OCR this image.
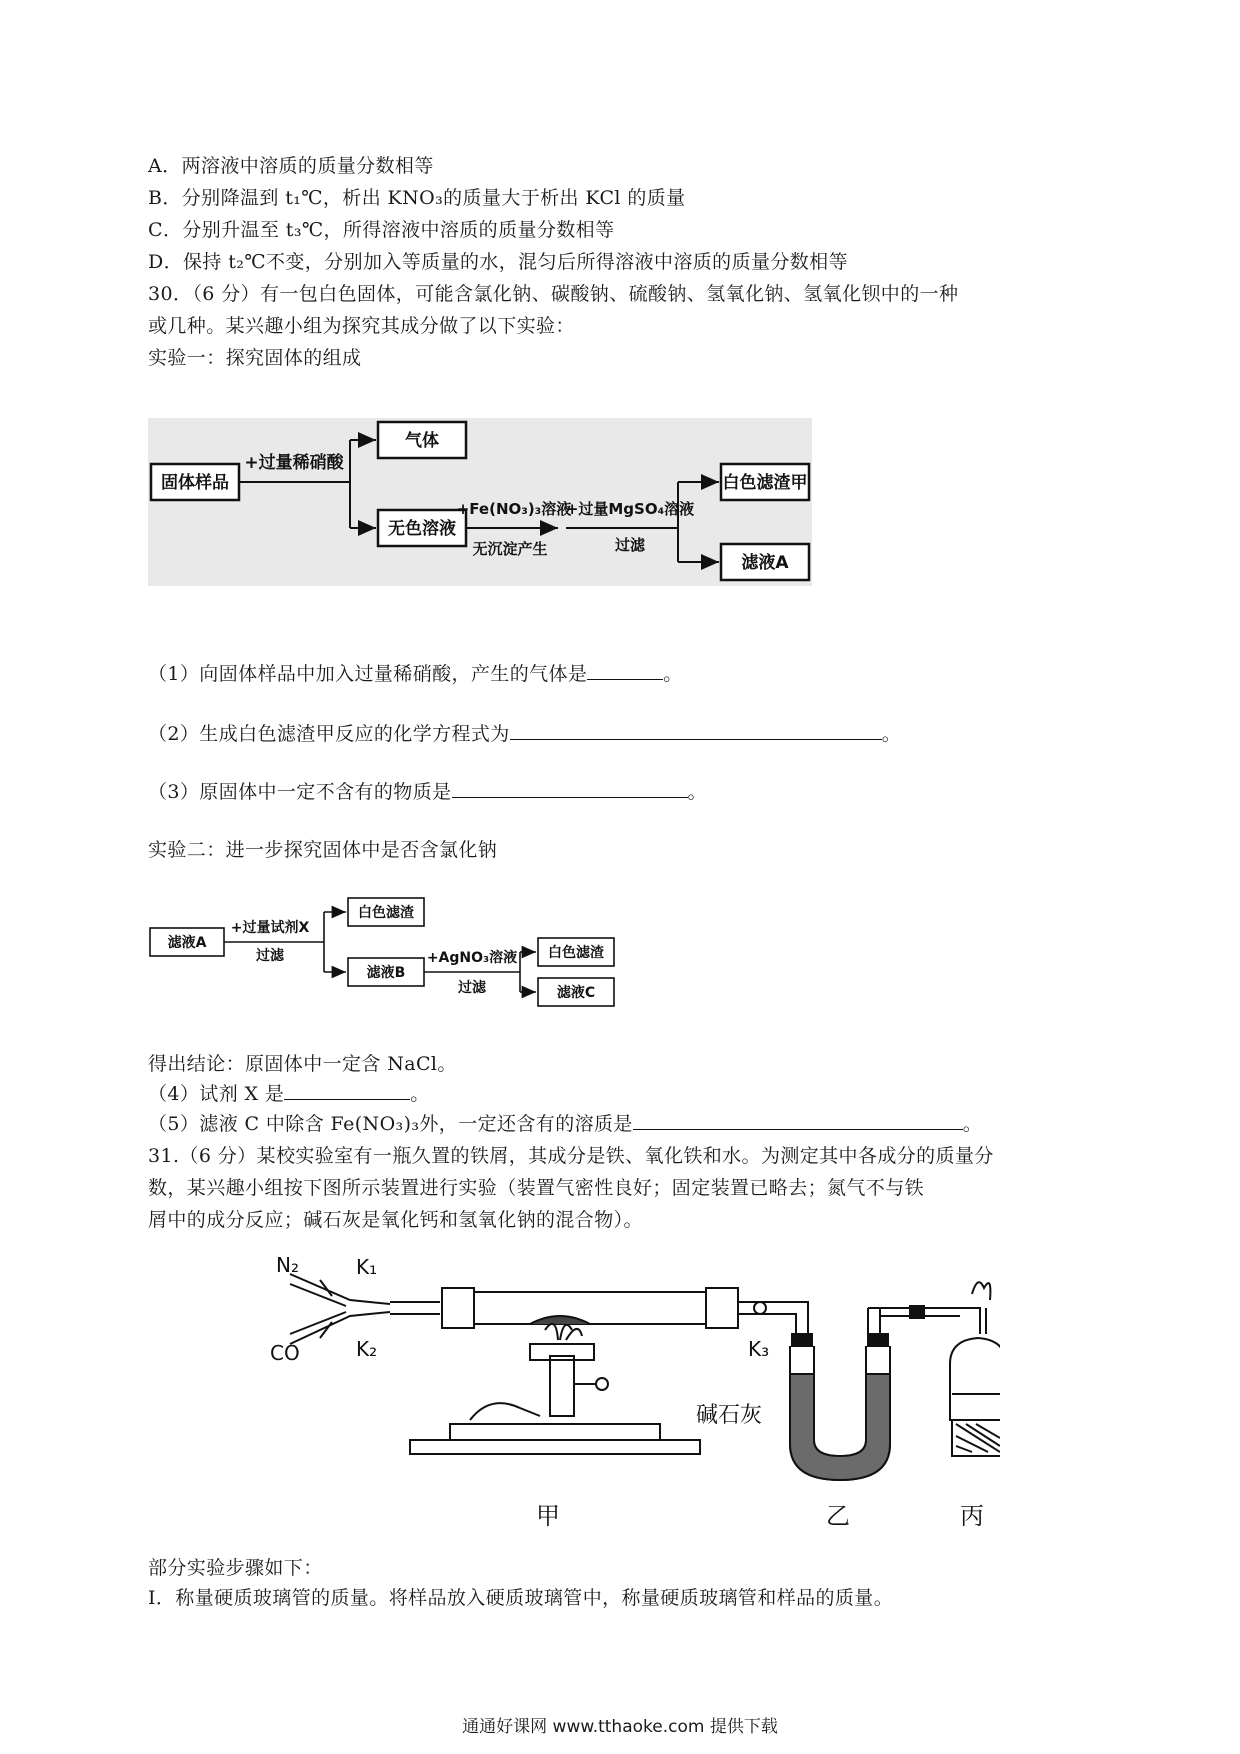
A．两溶液中溶质的质量分数相等
B．分别降温到 t₁℃，析出 KNO₃的质量大于析出 KCl 的质量
C．分别升温至 t₃℃，所得溶液中溶质的质量分数相等
D．保持 t₂℃不变，分别加入等质量的水，混匀后所得溶液中溶质的质量分数相等
30．（6 分）有一包白色固体，可能含氯化钠、碳酸钠、硫酸钠、氢氧化钠、氢氧化钡中的一种
或几种。某兴趣小组为探究其成分做了以下实验：
实验一：探究固体的组成
固体样品
+过量稀硝酸
气体
无色溶液
+Fe(NO₃)₃溶液
无沉淀产生
+过量MgSO₄溶液
过滤
白色滤渣甲
滤液A
（1）向固体样品中加入过量稀硝酸，产生的气体是	。
（2）生成白色滤渣甲反应的化学方程式为	。
（3）原固体中一定不含有的物质是	。
实验二：进一步探究固体中是否含氯化钠
滤液A
+过量试剂X
过滤
白色滤渣
滤液B
+AgNO₃溶液
过滤
白色滤渣
滤液C
得出结论：原固体中一定含 NaCl。
（4）试剂 X 是	。
（5）滤液 C 中除含 Fe(NO₃)₃外，一定还含有的溶质是	。
31.（6 分）某校实验室有一瓶久置的铁屑，其成分是铁、氧化铁和水。为测定其中各成分的质量分
数，某兴趣小组按下图所示装置进行实验（装置气密性良好；固定装置已略去；氮气不与铁
屑中的成分反应；碱石灰是氧化钙和氢氧化钠的混合物）。
N₂	K₁
CO	K₂	K₃
碱石灰
甲	乙	丙
部分实验步骤如下：
Ⅰ．称量硬质玻璃管的质量。将样品放入硬质玻璃管中，称量硬质玻璃管和样品的质量。
通通好课网 www.tthaoke.com 提供下载
